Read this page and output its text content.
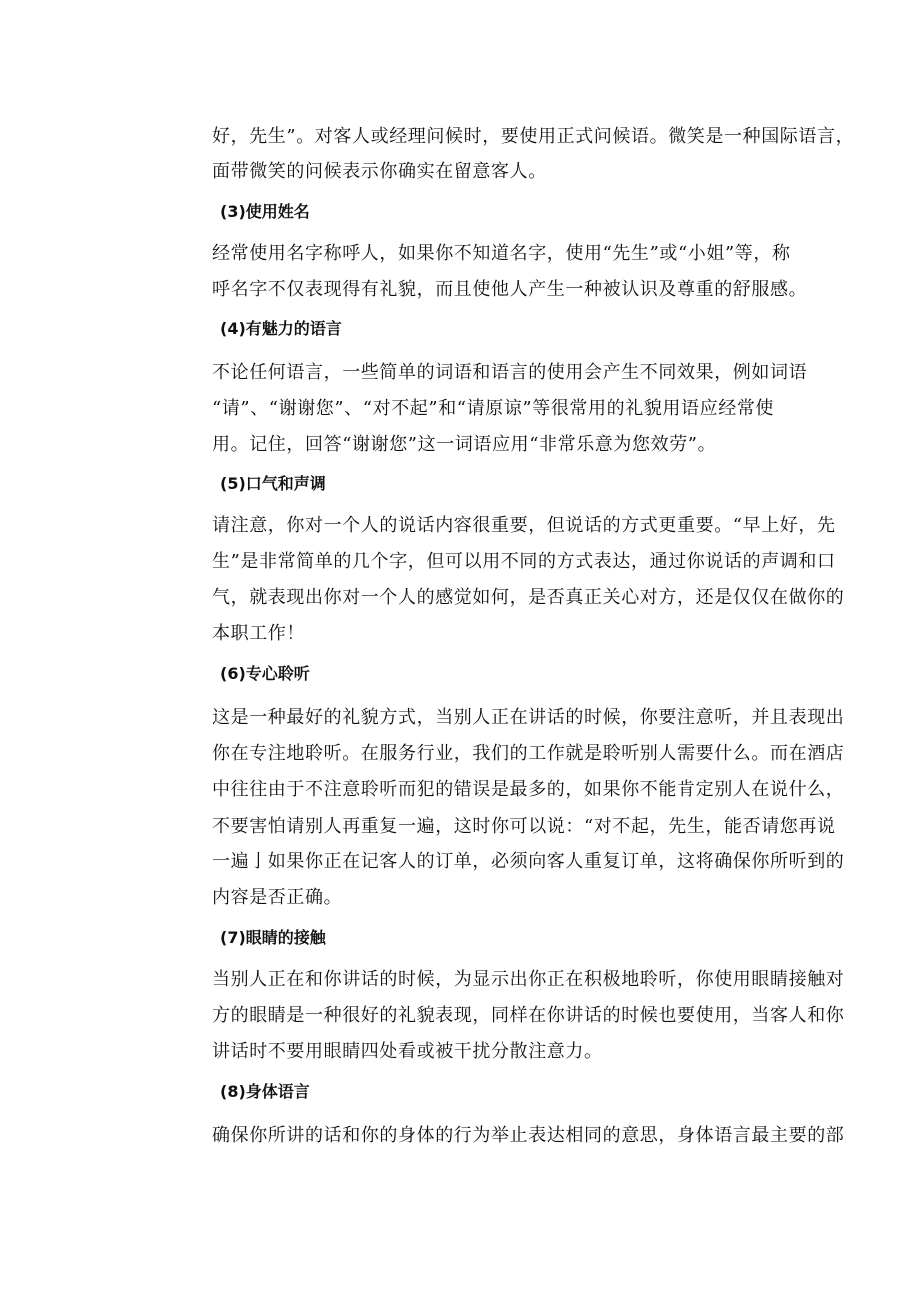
好，先生”。对客人或经理问候时，要使用正式问候语。微笑是一种国际语言，
面带微笑的问候表示你确实在留意客人。
(3)使用姓名
经常使用名字称呼人，如果你不知道名字，使用“先生”或“小姐”等，称
呼名字不仅表现得有礼貌，而且使他人产生一种被认识及尊重的舒服感。
(4)有魅力的语言
不论任何语言，一些简单的词语和语言的使用会产生不同效果，例如词语
“请”、“谢谢您”、“对不起”和“请原谅”等很常用的礼貌用语应经常使
用。记住，回答“谢谢您”这一词语应用“非常乐意为您效劳”。
(5)口气和声调
请注意，你对一个人的说话内容很重要，但说话的方式更重要。“早上好，先
生”是非常简单的几个字，但可以用不同的方式表达，通过你说话的声调和口
气，就表现出你对一个人的感觉如何，是否真正关心对方，还是仅仅在做你的
本职工作！
(6)专心聆听
这是一种最好的礼貌方式，当别人正在讲话的时候，你要注意听，并且表现出
你在专注地聆听。在服务行业，我们的工作就是聆听别人需要什么。而在酒店
中往往由于不注意聆听而犯的错误是最多的，如果你不能肯定别人在说什么，
不要害怕请别人再重复一遍，这时你可以说：“对不起，先生，能否请您再说
一遍亅如果你正在记客人的订单，必须向客人重复订单，这将确保你所听到的
内容是否正确。
(7)眼睛的接触
当别人正在和你讲话的时候，为显示出你正在积极地聆听，你使用眼睛接触对
方的眼睛是一种很好的礼貌表现，同样在你讲话的时候也要使用，当客人和你
讲话时不要用眼睛四处看或被干扰分散注意力。
(8)身体语言
确保你所讲的话和你的身体的行为举止表达相同的意思，身体语言最主要的部
